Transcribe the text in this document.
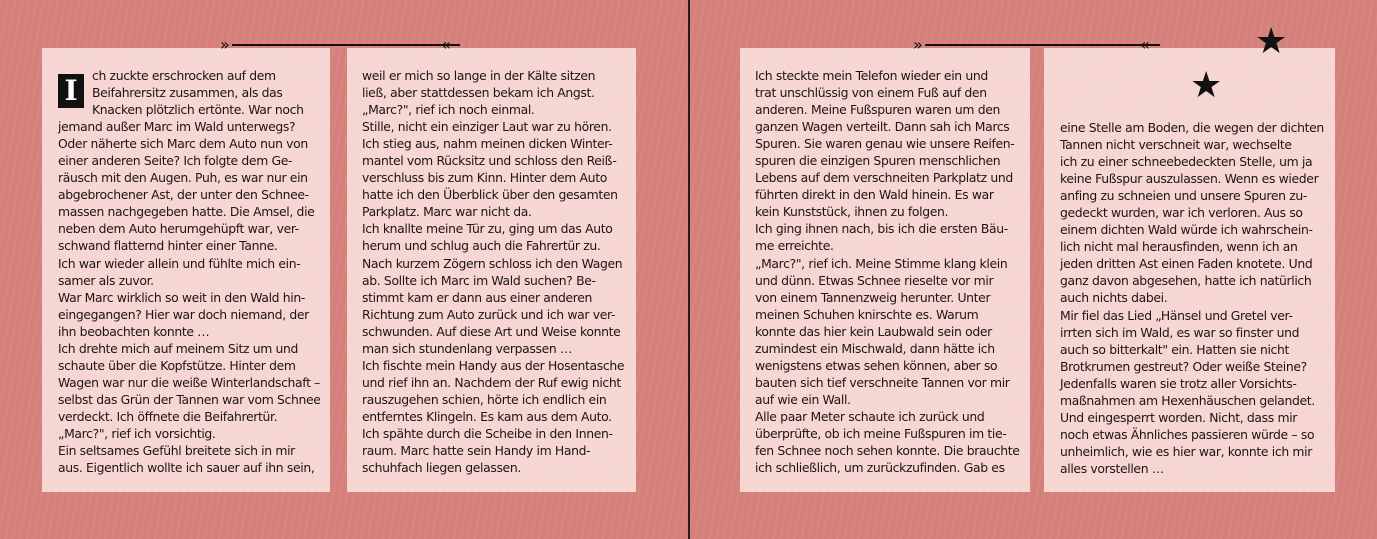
»	«	»	«	★
★
I	ch zuckte erschrocken auf dem
Beifahrersitz zusammen, als das
Knacken plötzlich ertönte. War noch
jemand außer Marc im Wald unterwegs?
Oder näherte sich Marc dem Auto nun von
einer anderen Seite? Ich folgte dem Ge-
räusch mit den Augen. Puh, es war nur ein
abgebrochener Ast, der unter den Schnee-
massen nachgegeben hatte. Die Amsel, die
neben dem Auto herumgehüpft war, ver-
schwand flatternd hinter einer Tanne.
Ich war wieder allein und fühlte mich ein-
samer als zuvor.
War Marc wirklich so weit in den Wald hin-
eingegangen? Hier war doch niemand, der
ihn beobachten konnte …
Ich drehte mich auf meinem Sitz um und
schaute über die Kopfstütze. Hinter dem
Wagen war nur die weiße Winterlandschaft –
selbst das Grün der Tannen war vom Schnee
verdeckt. Ich öffnete die Beifahrertür.
„Marc?", rief ich vorsichtig.
Ein seltsames Gefühl breitete sich in mir
aus. Eigentlich wollte ich sauer auf ihn sein,
weil er mich so lange in der Kälte sitzen
ließ, aber stattdessen bekam ich Angst.
„Marc?", rief ich noch einmal.
Stille, nicht ein einziger Laut war zu hören.
Ich stieg aus, nahm meinen dicken Winter-
mantel vom Rücksitz und schloss den Reiß-
verschluss bis zum Kinn. Hinter dem Auto
hatte ich den Überblick über den gesamten
Parkplatz. Marc war nicht da.
Ich knallte meine Tür zu, ging um das Auto
herum und schlug auch die Fahrertür zu.
Nach kurzem Zögern schloss ich den Wagen
ab. Sollte ich Marc im Wald suchen? Be-
stimmt kam er dann aus einer anderen
Richtung zum Auto zurück und ich war ver-
schwunden. Auf diese Art und Weise konnte
man sich stundenlang verpassen …
Ich fischte mein Handy aus der Hosentasche
und rief ihn an. Nachdem der Ruf ewig nicht
rauszugehen schien, hörte ich endlich ein
entferntes Klingeln. Es kam aus dem Auto.
Ich spähte durch die Scheibe in den Innen-
raum. Marc hatte sein Handy im Hand-
schuhfach liegen gelassen.
Ich steckte mein Telefon wieder ein und
trat unschlüssig von einem Fuß auf den
anderen. Meine Fußspuren waren um den
ganzen Wagen verteilt. Dann sah ich Marcs
Spuren. Sie waren genau wie unsere Reifen-
spuren die einzigen Spuren menschlichen
Lebens auf dem verschneiten Parkplatz und
führten direkt in den Wald hinein. Es war
kein Kunststück, ihnen zu folgen.
Ich ging ihnen nach, bis ich die ersten Bäu-
me erreichte.
„Marc?", rief ich. Meine Stimme klang klein
und dünn. Etwas Schnee rieselte vor mir
von einem Tannenzweig herunter. Unter
meinen Schuhen knirschte es. Warum
konnte das hier kein Laubwald sein oder
zumindest ein Mischwald, dann hätte ich
wenigstens etwas sehen können, aber so
bauten sich tief verschneite Tannen vor mir
auf wie ein Wall.
Alle paar Meter schaute ich zurück und
überprüfte, ob ich meine Fußspuren im tie-
fen Schnee noch sehen konnte. Die brauchte
ich schließlich, um zurückzufinden. Gab es
eine Stelle am Boden, die wegen der dichten
Tannen nicht verschneit war, wechselte
ich zu einer schneebedeckten Stelle, um ja
keine Fußspur auszulassen. Wenn es wieder
anfing zu schneien und unsere Spuren zu-
gedeckt wurden, war ich verloren. Aus so
einem dichten Wald würde ich wahrschein-
lich nicht mal herausfinden, wenn ich an
jeden dritten Ast einen Faden knotete. Und
ganz davon abgesehen, hatte ich natürlich
auch nichts dabei.
Mir fiel das Lied „Hänsel und Gretel ver-
irrten sich im Wald, es war so finster und
auch so bitterkalt" ein. Hatten sie nicht
Brotkrumen gestreut? Oder weiße Steine?
Jedenfalls waren sie trotz aller Vorsichts-
maßnahmen am Hexenhäuschen gelandet.
Und eingesperrt worden. Nicht, dass mir
noch etwas Ähnliches passieren würde – so
unheimlich, wie es hier war, konnte ich mir
alles vorstellen …
